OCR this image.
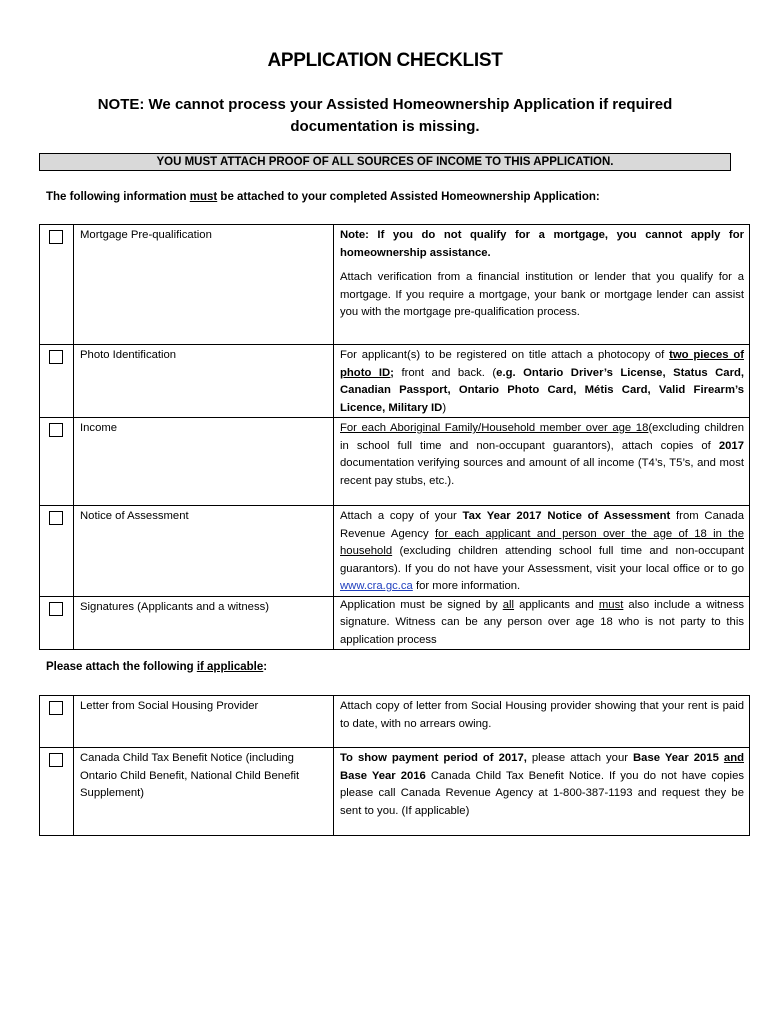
APPLICATION CHECKLIST
NOTE: We cannot process your Assisted Homeownership Application if required documentation is missing.
YOU MUST ATTACH PROOF OF ALL SOURCES OF INCOME TO THIS APPLICATION.
The following information must be attached to your completed Assisted Homeownership Application:

	Mortgage Pre-qualification	Note: If you do not qualify for a mortgage, you cannot apply for homeownership assistance.

Attach verification from a financial institution or lender that you qualify for a mortgage. If you require a mortgage, your bank or mortgage lender can assist you with the mortgage pre-qualification process.

	Photo Identification	For applicant(s) to be registered on title attach a photocopy of two pieces of photo ID; front and back. (e.g. Ontario Driver’s License, Status Card, Canadian Passport, Ontario Photo Card, Métis Card, Valid Firearm’s Licence, Military ID)

	Income	For each Aboriginal Family/Household member over age 18(excluding children in school full time and non-occupant guarantors), attach copies of 2017 documentation verifying sources and amount of all income (T4’s, T5’s, and most recent pay stubs, etc.).

	Notice of Assessment	Attach a copy of your Tax Year 2017 Notice of Assessment from Canada Revenue Agency for each applicant and person over the age of 18 in the household (excluding children attending school full time and non-occupant guarantors). If you do not have your Assessment, visit your local office or to go www.cra.gc.ca for more information.

	Signatures (Applicants and a witness)	Application must be signed by all applicants and must also include a witness signature. Witness can be any person over age 18 who is not party to this application process
Please attach the following if applicable:

	Letter from Social Housing Provider	Attach copy of letter from Social Housing provider showing that your rent is paid to date, with no arrears owing.

	Canada Child Tax Benefit Notice (including Ontario Child Benefit, National Child Benefit Supplement)	To show payment period of 2017, please attach your Base Year 2015 and Base Year 2016 Canada Child Tax Benefit Notice. If you do not have copies please call Canada Revenue Agency at 1-800-387-1193 and request they be sent to you. (If applicable)
